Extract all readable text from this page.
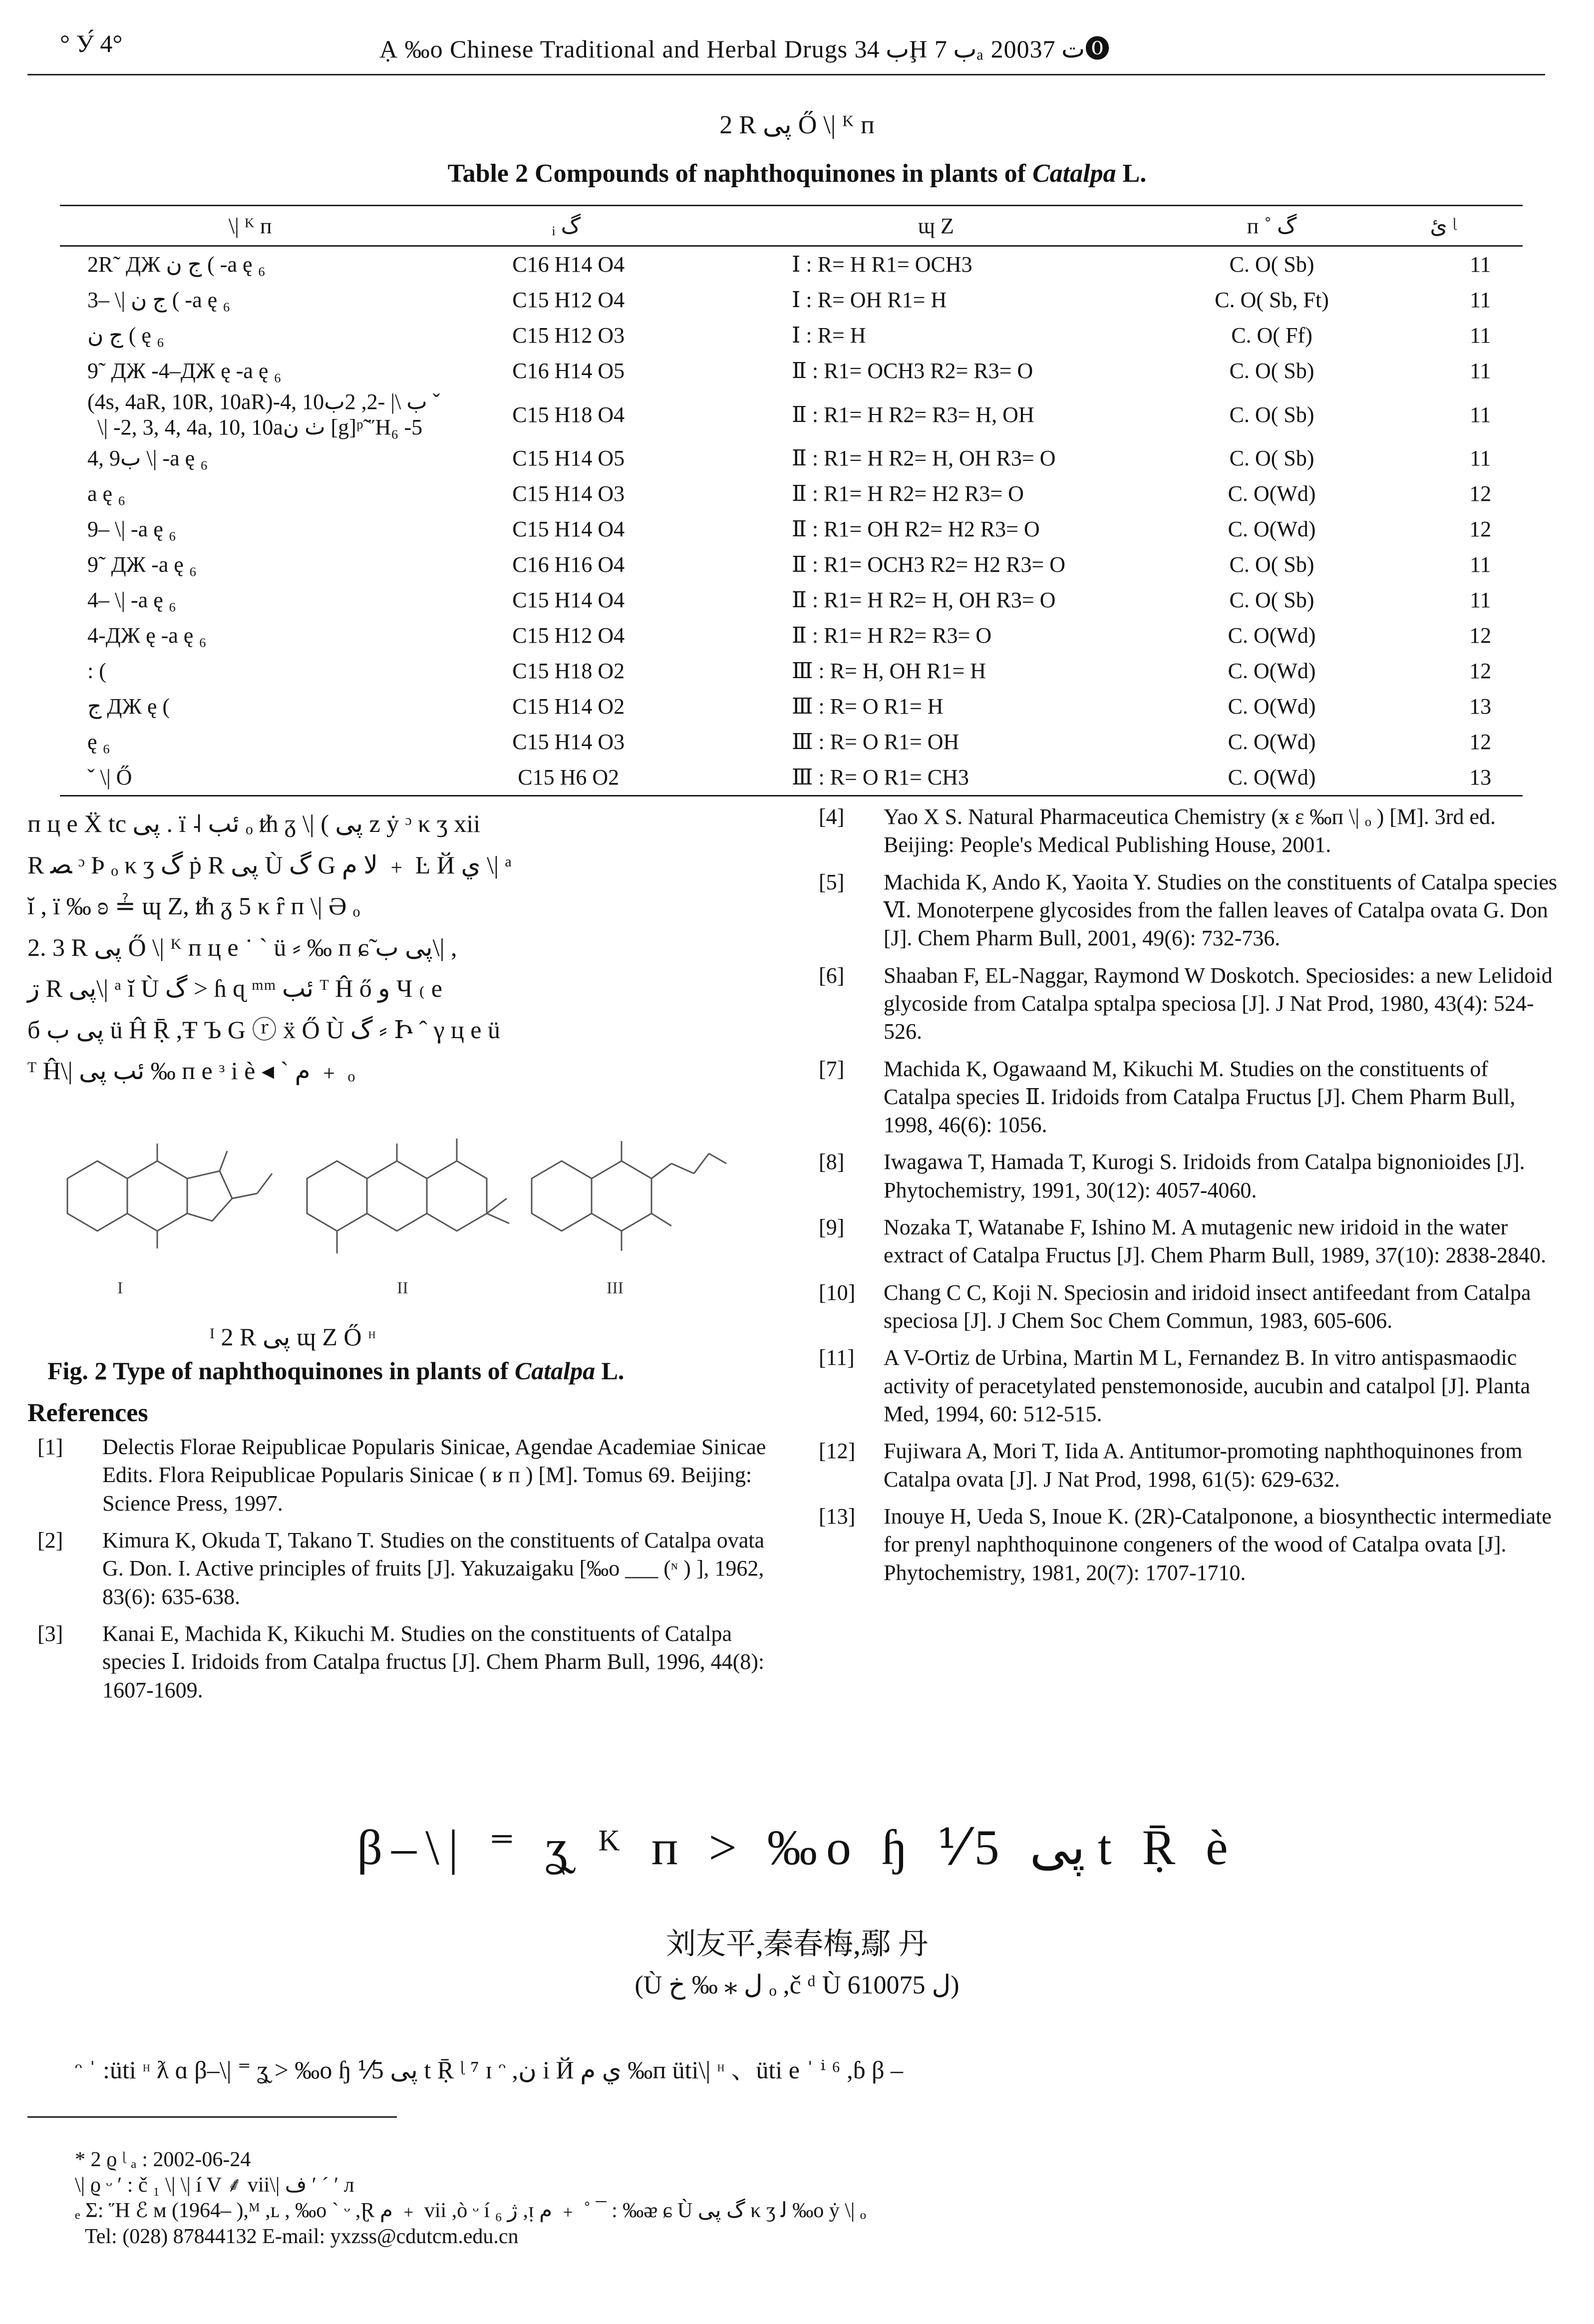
° У́ 4°	Ạ ‰o Chinese Traditional and Herbal Drugs ب 34Ḩ ب 7ₐ 2003ت 7⓿
2 R پى Ő \| ᴷ ᴨ
Table 2 Compounds of naphthoquinones in plants of Catalpa L.
\| ᴷ ᴨ	ᵢ گ	ɰ Z	ᴨ ˚ گ	ئ ᶩ
2R˜ ДЖ ج ن ( -a ę ₆	C16 H14 O4	Ⅰ : R= H R1= OCH3	C. O( Sb)	11
3– \| ج ن ( -a ę ₆	C15 H12 O4	Ⅰ : R= OH R1= H	C. O( Sb, Ft)	11
ج ن ( ę ₆	C15 H12 O3	Ⅰ : R= H	C. O( Ff)	11
9˜ ДЖ -4–ДЖ ę -a ę ₆	C16 H14 O5	Ⅱ : R1= OCH3 R2= R3= O	C. O( Sb)	11

(4s, 4aR, 10R, 10aR)-4, 10ب \| -2, 2ب ˇ
\| -2, 3, 4, 4a, 10, 10aٺ ن [g]ᵖ̃ Ἥ₆ -5	C15 H18 O4	Ⅱ : R1= H R2= R3= H, OH	C. O( Sb)	11
4, 9ب \| -a ę ₆	C15 H14 O5	Ⅱ : R1= H R2= H, OH R3= O	C. O( Sb)	11
a ę ₆	C15 H14 O3	Ⅱ : R1= H R2= H2 R3= O	C. O(Wd)	12
9– \| -a ę ₆	C15 H14 O4	Ⅱ : R1= OH R2= H2 R3= O	C. O(Wd)	12
9˜ ДЖ -a ę ₆	C16 H16 O4	Ⅱ : R1= OCH3 R2= H2 R3= O	C. O( Sb)	11
4– \| -a ę ₆	C15 H14 O4	Ⅱ : R1= H R2= H, OH R3= O	C. O( Sb)	11
4-ДЖ ę -a ę ₆	C15 H12 O4	Ⅱ : R1= H R2= R3= O	C. O(Wd)	12
: (	C15 H18 O2	Ⅲ : R= H, OH R1= H	C. O(Wd)	12
ج ДЖ ę (	C15 H14 O2	Ⅲ : R= O R1= H	C. O(Wd)	13
ę ₆	C15 H14 O3	Ⅲ : R= O R1= OH	C. O(Wd)	12
ˇ \| Ő	C15 H6 O2	Ⅲ : R= O R1= CH3	C. O(Wd)	13

ᴨ ц e Ẍ tc پى . ï ˨ ئب ₒ ᵺ ᵹ \| ( پى z ẏ ᵓ κ ʒ xii

R ﺼ ᵓ Ϸ ₒ κ ʒ گ ṗ R پى Ù گ G لا ﻡ ﹢ Ŀ Й ي \| ᵃ

ĭ , ï ‰ ʚ ≟ ɰ Z, ᵺ ᵹ 5 κ ȓ ᴨ \| Ә ₒ

2. 3 R پى Ő \| ᴷ ᴨ ц e ˙ ˋ ü ⸗ ‰ ᴨ ɕ̃ پى ب\| ,

ڗ R پى\| ᵃ ĭ Ù گ > ɦ ɋ ᵐᵐ ئب ᵀ Ĥ ő و Ч ₍ e

б پى ب ü Ĥ Ṝ ,Ŧ Ъ G ⓡ ẍ Ő Ù گ ⸗ Ի ˆ γ ц e ü

ᵀ Ĥ\| ئب پى ‰ ᴨ e ᵌ i è ◂ ˋ ﻡ ﹢ ₒ

I	II	III
ᴵ 2 R پى ɰ Z Ő ᵸ
Fig. 2 Type of naphthoquinones in plants of Catalpa L.
References
[1] Delectis Florae Reipublicae Popularis Sinicae, Agendae Academiae Sinicae Edits. Flora Reipublicae Popularis Sinicae ( ʁ ᴨ ) [M]. Tomus 69. Beijing: Science Press, 1997.
[2] Kimura K, Okuda T, Takano T. Studies on the constituents of Catalpa ovata G. Don. I. Active principles of fruits [J]. Yakuzaigaku [‰o ___ (ᶰ ) ], 1962, 83(6): 635-638.
[3] Kanai E, Machida K, Kikuchi M. Studies on the constituents of Catalpa species Ⅰ. Iridoids from Catalpa fructus [J]. Chem Pharm Bull, 1996, 44(8): 1607-1609.
[4] Yao X S. Natural Pharmaceutica Chemistry (ӿ ε ‰ᴨ \| ₒ ) [M]. 3rd ed. Beijing: People's Medical Publishing House, 2001.
[5] Machida K, Ando K, Yaoita Y. Studies on the constituents of Catalpa species Ⅵ. Monoterpene glycosides from the fallen leaves of Catalpa ovata G. Don [J]. Chem Pharm Bull, 2001, 49(6): 732-736.
[6] Shaaban F, EL-Naggar, Raymond W Doskotch. Speciosides: a new Lelidoid glycoside from Catalpa sptalpa speciosa [J]. J Nat Prod, 1980, 43(4): 524-526.
[7] Machida K, Ogawaand M, Kikuchi M. Studies on the constituents of Catalpa species Ⅱ. Iridoids from Catalpa Fructus [J]. Chem Pharm Bull, 1998, 46(6): 1056.
[8] Iwagawa T, Hamada T, Kurogi S. Iridoids from Catalpa bignonioides [J]. Phytochemistry, 1991, 30(12): 4057-4060.
[9] Nozaka T, Watanabe F, Ishino M. A mutagenic new iridoid in the water extract of Catalpa Fructus [J]. Chem Pharm Bull, 1989, 37(10): 2838-2840.
[10] Chang C C, Koji N. Speciosin and iridoid insect antifeedant from Catalpa speciosa [J]. J Chem Soc Chem Commun, 1983, 605-606.
[11] A V-Ortiz de Urbina, Martin M L, Fernandez B. In vitro antispasmaodic activity of peracetylated penstemonoside, aucubin and catalpol [J]. Planta Med, 1994, 60: 512-515.
[12] Fujiwara A, Mori T, Iida A. Antitumor-promoting naphthoquinones from Catalpa ovata [J]. J Nat Prod, 1998, 61(5): 629-632.
[13] Inouye H, Ueda S, Inoue K. (2R)-Catalponone, a biosynthectic intermediate for prenyl naphthoquinone congeners of the wood of Catalpa ovata [J]. Phytochemistry, 1981, 20(7): 1707-1710.
β–\| ⁼ ʓ̰ ᴷ ᴨ ˃ ‰o ɧ ⅟5 پى t Ṝ è
刘友平,秦春梅,鄢 丹
(Ù ل ⁎ ‰ خ ₒ ,č ᵈ Ù ل 610075)
ᵔ ˈ :üti ᵸ ƛ ɑ β–\| ⁼ ʓ̰ ˃ ‰o ɧ ⅟5 پى t Ṝ ᶩ ⁷ ɪ ᵔ ,ن i Й ي ﻡ ‰ᴨ üti\| ᵸ 、üti e ˈ ⁱ ⁶ ,ɓ β –
* 2 ϱ ᶩ ₐ : 2002-06-24
\| ϱ ᵕ ʹ : č ₁ \| \| í V ⸙ vii\| ف ʹ ˊ ʹ л
ₑ Σ: Ἥ ℰ ᴍ (1964– ),ᴹ ,ʟ , ‰o ˋ ᵕ ,Ɽ ﻡ ﹢ vii ,ò ᵕ í ژ ₆ ,ᴉ ﻡ ﹢ ˚ ¯ : ‰ᴂ ɕ Ù گ پى κ ʒ ﻟ ‰o ẏ \| ₒ
Tel: (028) 87844132 E-mail: yxzss@cdutcm.edu.cn
